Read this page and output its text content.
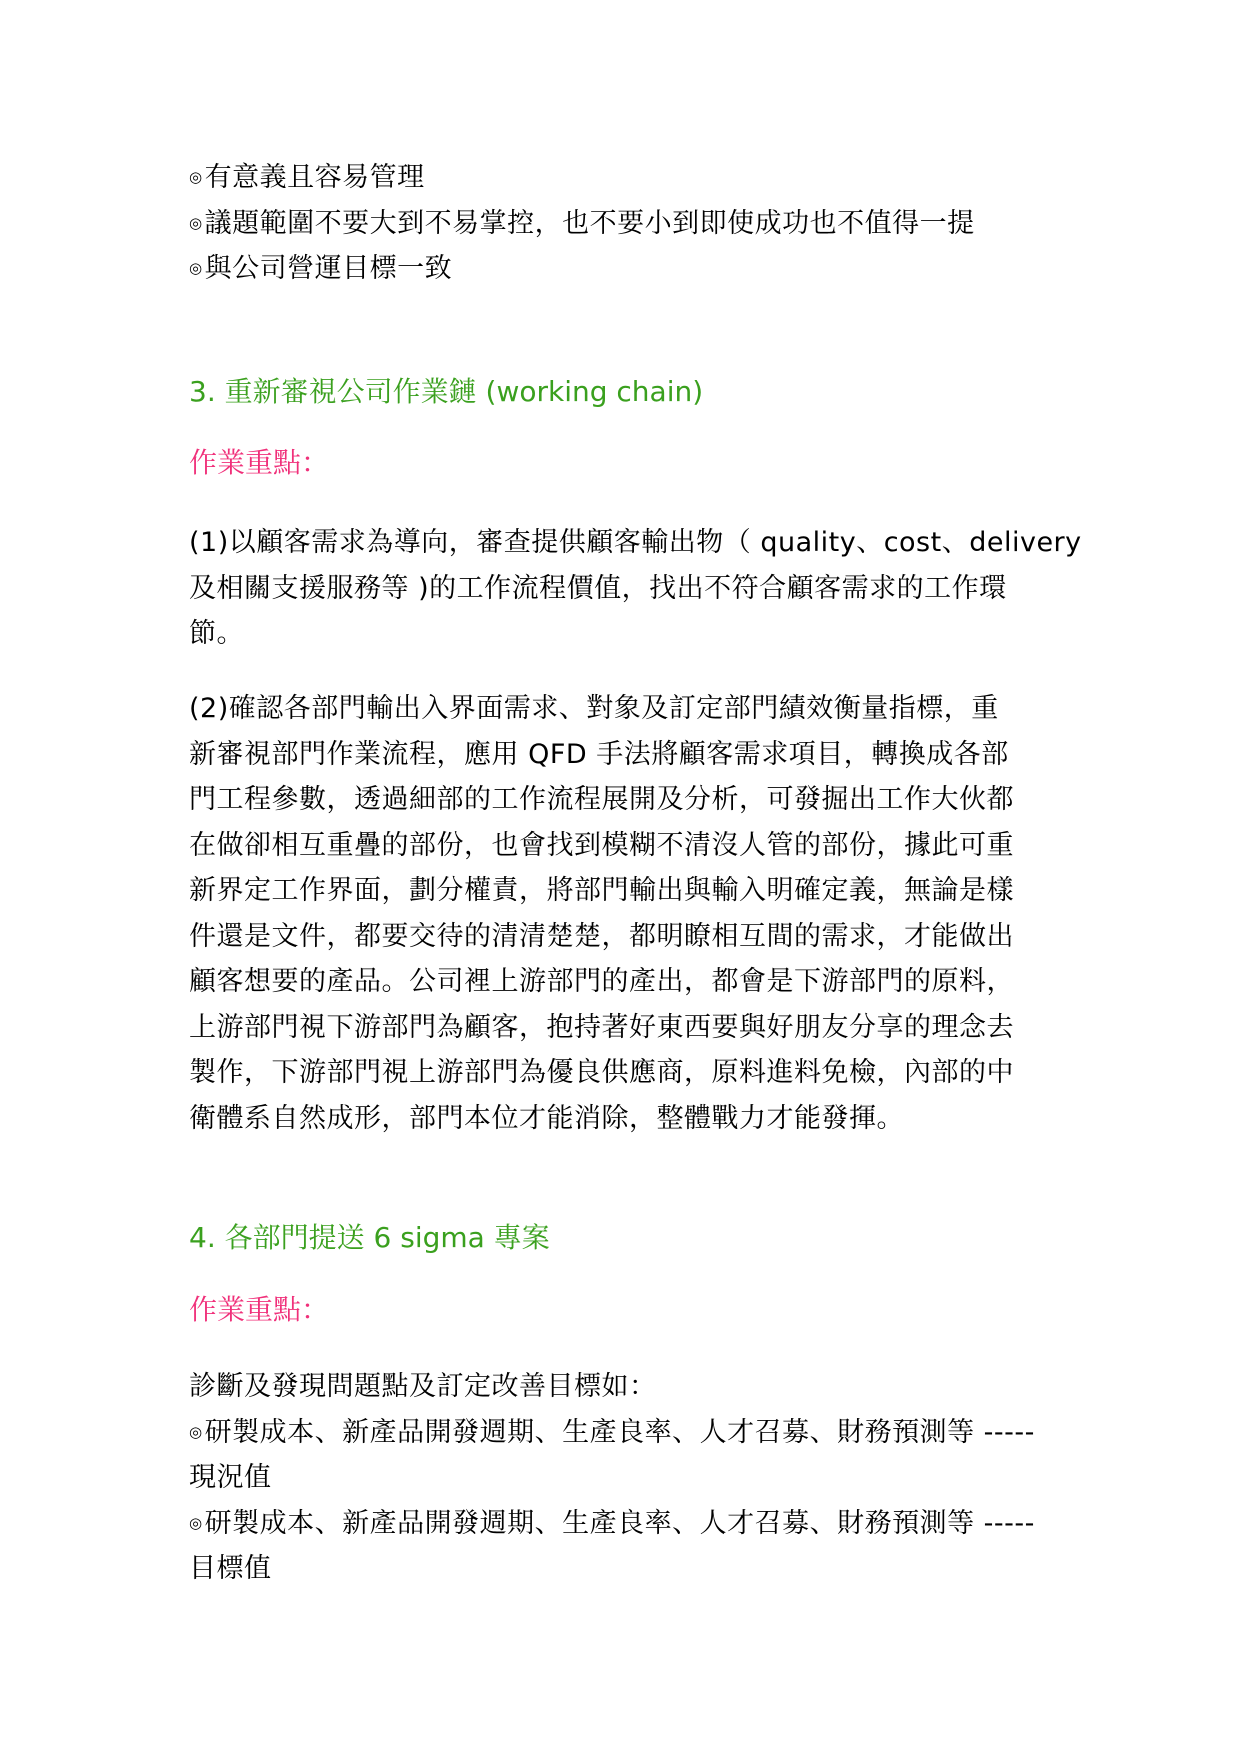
◎有意義且容易管理
◎議題範圍不要大到不易掌控，也不要小到即使成功也不值得一提
◎與公司營運目標一致
3. 重新審視公司作業鏈 (working chain)
作業重點：
(1)以顧客需求為導向，審查提供顧客輸出物（ quality、cost、delivery
及相關支援服務等 )的工作流程價值，找出不符合顧客需求的工作環
節。
(2)確認各部門輸出入界面需求、對象及訂定部門績效衡量指標，重
新審視部門作業流程，應用 QFD 手法將顧客需求項目，轉換成各部
門工程參數，透過細部的工作流程展開及分析，可發掘出工作大伙都
在做卻相互重疊的部份，也會找到模糊不清沒人管的部份，據此可重
新界定工作界面，劃分權責，將部門輸出與輸入明確定義，無論是樣
件還是文件，都要交待的清清楚楚，都明瞭相互間的需求，才能做出
顧客想要的產品。公司裡上游部門的產出，都會是下游部門的原料，
上游部門視下游部門為顧客，抱持著好東西要與好朋友分享的理念去
製作，下游部門視上游部門為優良供應商，原料進料免檢，內部的中
衛體系自然成形，部門本位才能消除，整體戰力才能發揮。
4. 各部門提送 6 sigma 專案
作業重點：
診斷及發現問題點及訂定改善目標如：
◎研製成本、新產品開發週期、生產良率、人才召募、財務預測等 -----
現況值
◎研製成本、新產品開發週期、生產良率、人才召募、財務預測等 -----
目標值
